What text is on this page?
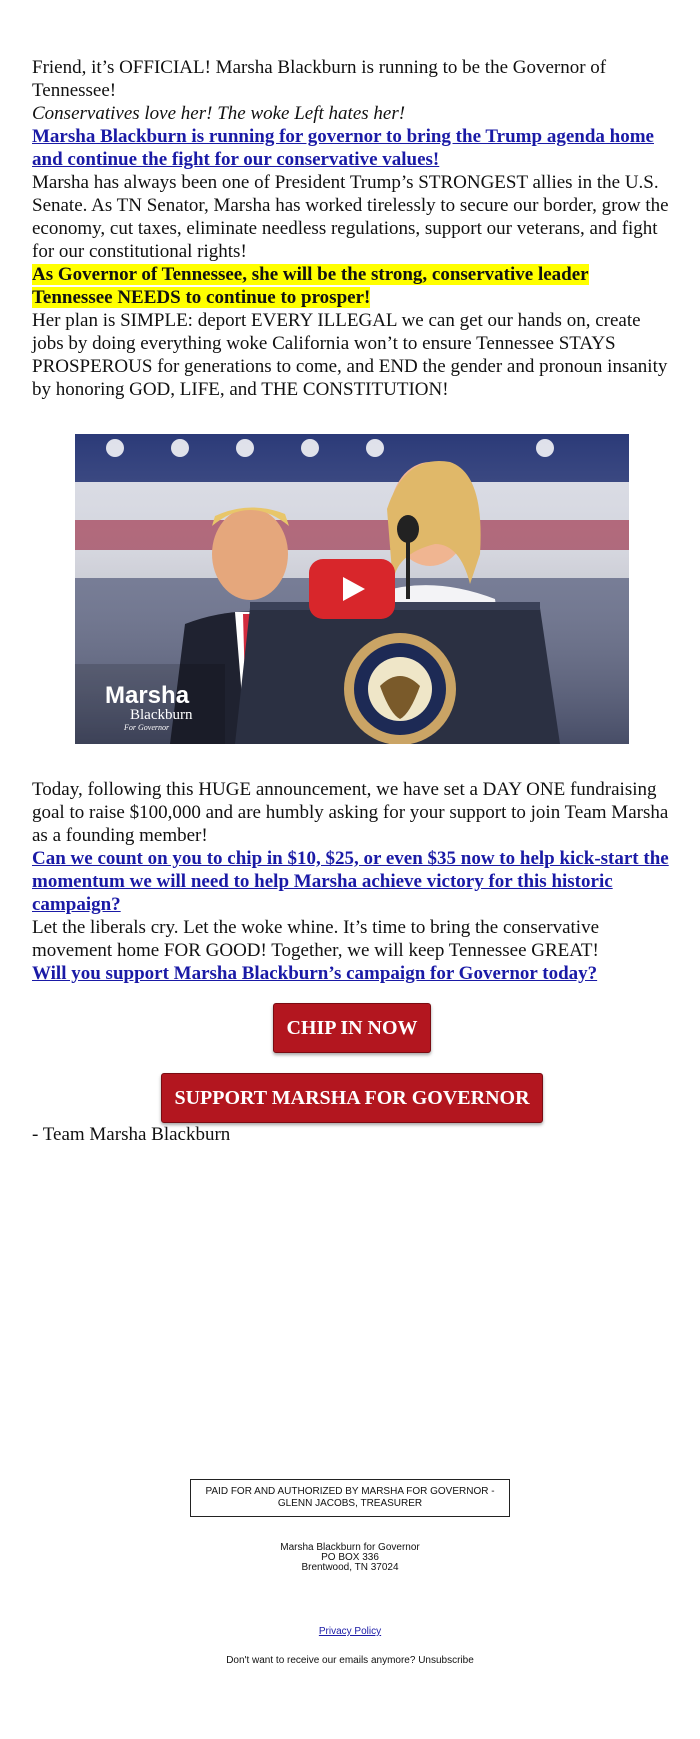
Friend, it’s OFFICIAL! Marsha Blackburn is running to be the Governor of Tennessee!

Conservatives love her! The woke Left hates her!

Marsha Blackburn is running for governor to bring the Trump agenda home and continue the fight for our conservative values!

Marsha has always been one of President Trump’s STRONGEST allies in the U.S. Senate. As TN Senator, Marsha has worked tirelessly to secure our border, grow the economy, cut taxes, eliminate needless regulations, support our veterans, and fight for our constitutional rights!

As Governor of Tennessee, she will be the strong, conservative leader Tennessee NEEDS to continue to prosper!

Her plan is SIMPLE: deport EVERY ILLEGAL we can get our hands on, create jobs by doing everything woke California won’t to ensure Tennessee STAYS PROSPEROUS for generations to come, and END the gender and pronoun insanity by honoring GOD, LIFE, and THE CONSTITUTION!

Marsha
Blackburn
For Governor

Today, following this HUGE announcement, we have set a DAY ONE fundraising goal to raise $100,000 and are humbly asking for your support to join Team Marsha as a founding member!

Can we count on you to chip in $10, $25, or even $35 now to help kick-start the momentum we will need to help Marsha achieve victory for this historic campaign?

Let the liberals cry. Let the woke whine. It’s time to bring the conservative movement home FOR GOOD! Together, we will keep Tennessee GREAT!

Will you support Marsha Blackburn’s campaign for Governor today?

CHIP IN NOW
SUPPORT MARSHA FOR GOVERNOR

- Team Marsha Blackburn

PAID FOR AND AUTHORIZED BY MARSHA FOR GOVERNOR - GLENN JACOBS, TREASURER
Marsha Blackburn for Governor
PO BOX 336
Brentwood, TN 37024
Privacy Policy
Don't want to receive our emails anymore? Unsubscribe
